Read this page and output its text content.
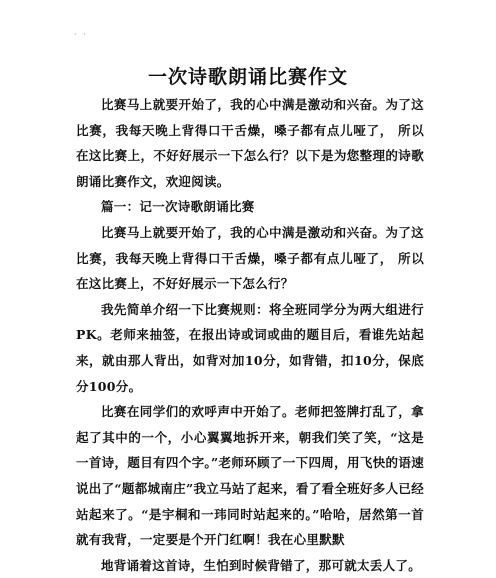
· ·
一次诗歌朗诵比赛作文

比赛马上就要开始了，我的心中满是激动和兴奋。为了这比赛，我每天晚上背得口干舌燥，嗓子都有点儿哑了， 所以在这比赛上，不好好展示一下怎么行？以下是为您整理的诗歌朗诵比赛作文，欢迎阅读。

篇一：记一次诗歌朗诵比赛

比赛马上就要开始了，我的心中满是激动和兴奋。为了这比赛，我每天晚上背得口干舌燥，嗓子都有点儿哑了， 所以在这比赛上，不好好展示一下怎么行？

我先简单介绍一下比赛规则：将全班同学分为两大组进行PK。老师来抽签，在报出诗或词或曲的题目后，看谁先站起来，就由那人背出，如背对加10分，如背错，扣10分，保底分100分。

比赛在同学们的欢呼声中开始了。老师把签牌打乱了，拿起了其中的一个，小心翼翼地拆开来，朝我们笑了笑，“这是一首诗，题目有四个字。”老师环顾了一下四周，用飞快的语速说出了“题都城南庄”我立马站了起来，看了看全班好多人已经站起来了。“是宇桐和一玮同时站起来的。”哈哈，居然第一首就有我背，一定要是个开门红啊！我在心里默默

地背诵着这首诗，生怕到时候背错了，那可就太丢人了。
